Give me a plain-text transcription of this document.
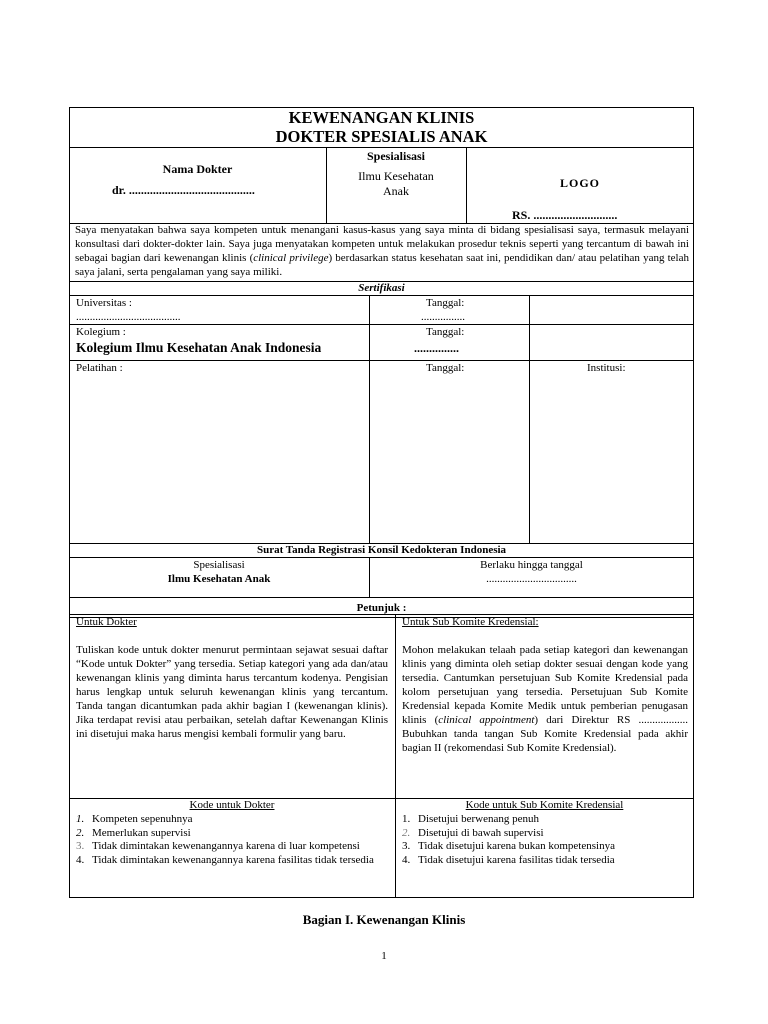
KEWENANGAN KLINIS
DOKTER SPESIALIS ANAK
Nama Dokter
dr. ..........................................
Spesialisasi
Ilmu Kesehatan
Anak
LOGO
RS. ............................
Saya menyatakan bahwa saya kompeten untuk menangani kasus-kasus yang saya minta di bidang spesialisasi saya, termasuk melayani konsultasi dari dokter-dokter lain. Saya juga menyatakan kompeten untuk melakukan prosedur teknis seperti yang tercantum di bawah ini sebagai bagian dari kewenangan klinis (clinical privilege) berdasarkan status kesehatan saat ini, pendidikan dan/ atau pelatihan yang telah saya jalani, serta pengalaman yang saya miliki.
Sertifikasi
Universitas :
......................................
Tanggal:
................
Kolegium :
Kolegium Ilmu Kesehatan Anak Indonesia
Tanggal:
...............
Pelatihan :	Tanggal:	Institusi:
Surat Tanda Registrasi Konsil Kedokteran Indonesia
Spesialisasi
Ilmu Kesehatan Anak
Berlaku hingga tanggal
.................................
Petunjuk :
Untuk Dokter
Tuliskan kode untuk dokter menurut permintaan sejawat sesuai daftar “Kode untuk Dokter” yang tersedia. Setiap kategori yang ada dan/atau kewenangan klinis yang diminta harus tercantum kodenya. Pengisian harus lengkap untuk seluruh kewenangan klinis yang tercantum. Tanda tangan dicantumkan pada akhir bagian I (kewenangan klinis). Jika terdapat revisi atau perbaikan, setelah daftar Kewenangan Klinis ini disetujui maka harus mengisi kembali formulir yang baru.
Untuk Sub Komite Kredensial:
Mohon melakukan telaah pada setiap kategori dan kewenangan klinis yang diminta oleh setiap dokter sesuai dengan kode yang tersedia. Cantumkan persetujuan Sub Komite Kredensial pada kolom persetujuan yang tersedia. Persetujuan Sub Komite Kredensial kepada Komite Medik untuk pemberian penugasan klinis (clinical appointment) dari Direktur RS .................. Bubuhkan tanda tangan Sub Komite Kredensial pada akhir bagian II (rekomendasi Sub Komite Kredensial).
Kode untuk Dokter
1. Kompeten sepenuhnya
2. Memerlukan supervisi
3. Tidak dimintakan kewenangannya karena di luar kompetensi
4. Tidak dimintakan kewenangannya karena fasilitas tidak tersedia
Kode untuk Sub Komite Kredensial
1. Disetujui berwenang penuh
2. Disetujui di bawah supervisi
3. Tidak disetujui karena bukan kompetensinya
4. Tidak disetujui karena fasilitas tidak tersedia
Bagian I. Kewenangan Klinis
1
